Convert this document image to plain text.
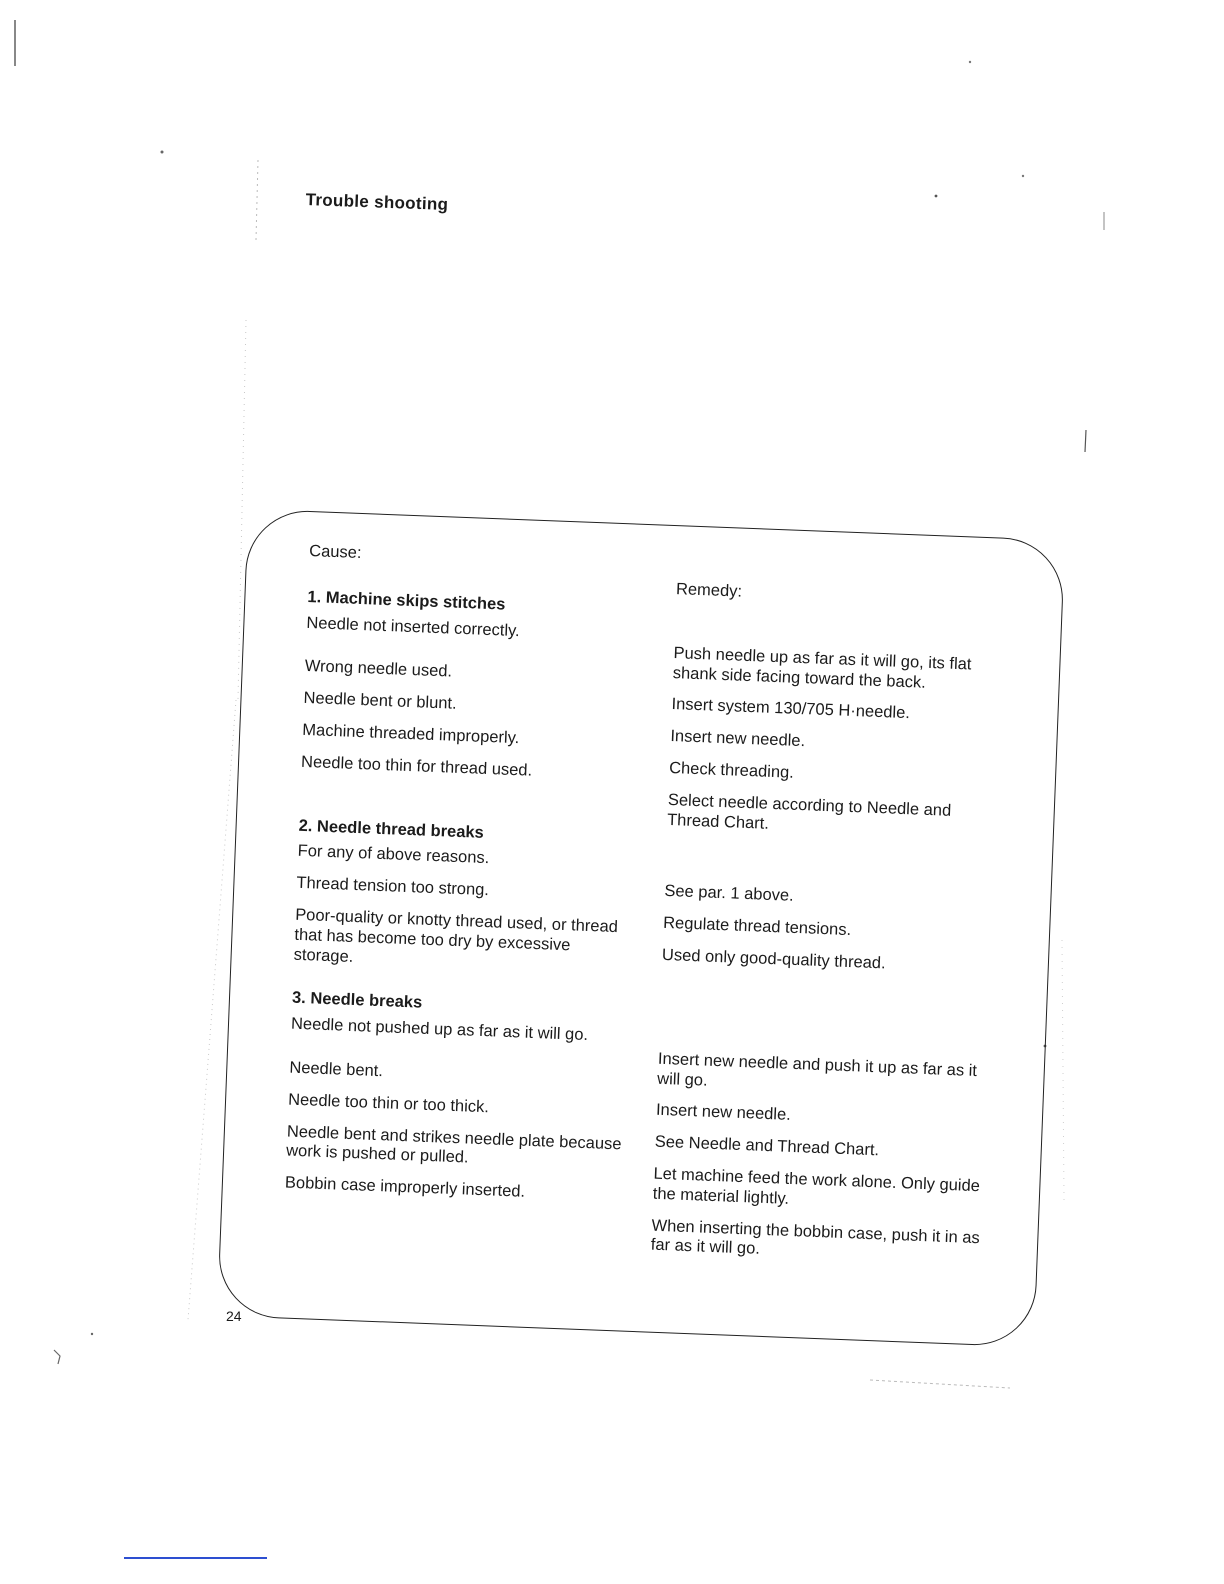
Trouble shooting
Cause:
1. Machine skips stitches
Needle not inserted correctly.
Wrong needle used.
Needle bent or blunt.
Machine threaded improperly.
Needle too thin for thread used.
2. Needle thread breaks
For any of above reasons.
Thread tension too strong.
Poor-quality or knotty thread used, or thread that has become too dry by excessive storage.
3. Needle breaks
Needle not pushed up as far as it will go.
Needle bent.
Needle too thin or too thick.
Needle bent and strikes needle plate because work is pushed or pulled.
Bobbin case improperly inserted.
Remedy:
Push needle up as far as it will go, its flat shank side facing toward the back.
Insert system 130/705 H·needle.
Insert new needle.
Check threading.
Select needle according to Needle and Thread Chart.
See par. 1 above.
Regulate thread tensions.
Used only good-quality thread.
Insert new needle and push it up as far as it will go.
Insert new needle.
See Needle and Thread Chart.
Let machine feed the work alone. Only guide the material lightly.
When inserting the bobbin case, push it in as far as it will go.
24
